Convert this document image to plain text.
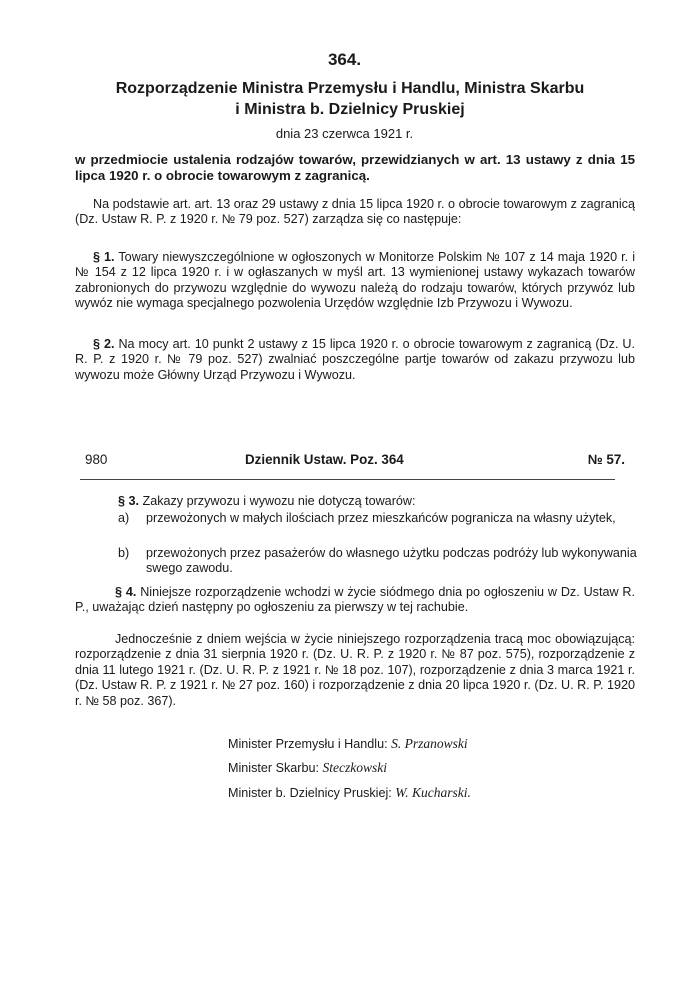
364.
Rozporządzenie Ministra Przemysłu i Handlu, Ministra Skarbu
i Ministra b. Dzielnicy Pruskiej
dnia 23 czerwca 1921 r.
w przedmiocie ustalenia rodzajów towarów, przewidzianych w art. 13 ustawy z dnia 15 lipca 1920 r. o obrocie towarowym z zagranicą.
Na podstawie art. art. 13 oraz 29 ustawy z dnia 15 lipca 1920 r. o obrocie towarowym z zagranicą (Dz. Ustaw R. P. z 1920 r. № 79 poz. 527) zarządza się co następuje:
§ 1. Towary niewyszczególnione w ogłoszonych w Monitorze Polskim № 107 z 14 maja 1920 r. i № 154 z 12 lipca 1920 r. i w ogłaszanych w myśl art. 13 wymienionej ustawy wykazach towarów zabronionych do przywozu względnie do wywozu należą do rodzaju towarów, których przywóz lub wywóz nie wymaga specjalnego pozwolenia Urzędów względnie Izb Przywozu i Wywozu.
§ 2. Na mocy art. 10 punkt 2 ustawy z 15 lipca 1920 r. o obrocie towarowym z zagranicą (Dz. U. R. P. z 1920 r. № 79 poz. 527) zwalniać poszczególne partje towarów od zakazu przywozu lub wywozu może Główny Urząd Przywozu i Wywozu.
980	Dziennik Ustaw. Poz. 364	№ 57.
§ 3. Zakazy przywozu i wywozu nie dotyczą towarów:
a)	przewożonych w małych ilościach przez mieszkańców pogranicza na własny użytek,
b)	przewożonych przez pasażerów do własnego użytku podczas podróży lub wykonywania swego zawodu.
§ 4. Niniejsze rozporządzenie wchodzi w życie siódmego dnia po ogłoszeniu w Dz. Ustaw R. P., uważając dzień następny po ogłoszeniu za pierwszy w tej rachubie.
Jednocześnie z dniem wejścia w życie niniejszego rozporządzenia tracą moc obowiązującą: rozporządzenie z dnia 31 sierpnia 1920 r. (Dz. U. R. P. z 1920 r. № 87 poz. 575), rozporządzenie z dnia 11 lutego 1921 r. (Dz. U. R. P. z 1921 r. № 18 poz. 107), rozporządzenie z dnia 3 marca 1921 r. (Dz. Ustaw R. P. z 1921 r. № 27 poz. 160) i rozporządzenie z dnia 20 lipca 1920 r. (Dz. U. R. P. 1920 r. № 58 poz. 367).
Minister Przemysłu i Handlu: S. Przanowski
Minister Skarbu: Steczkowski
Minister b. Dzielnicy Pruskiej: W. Kucharski.
